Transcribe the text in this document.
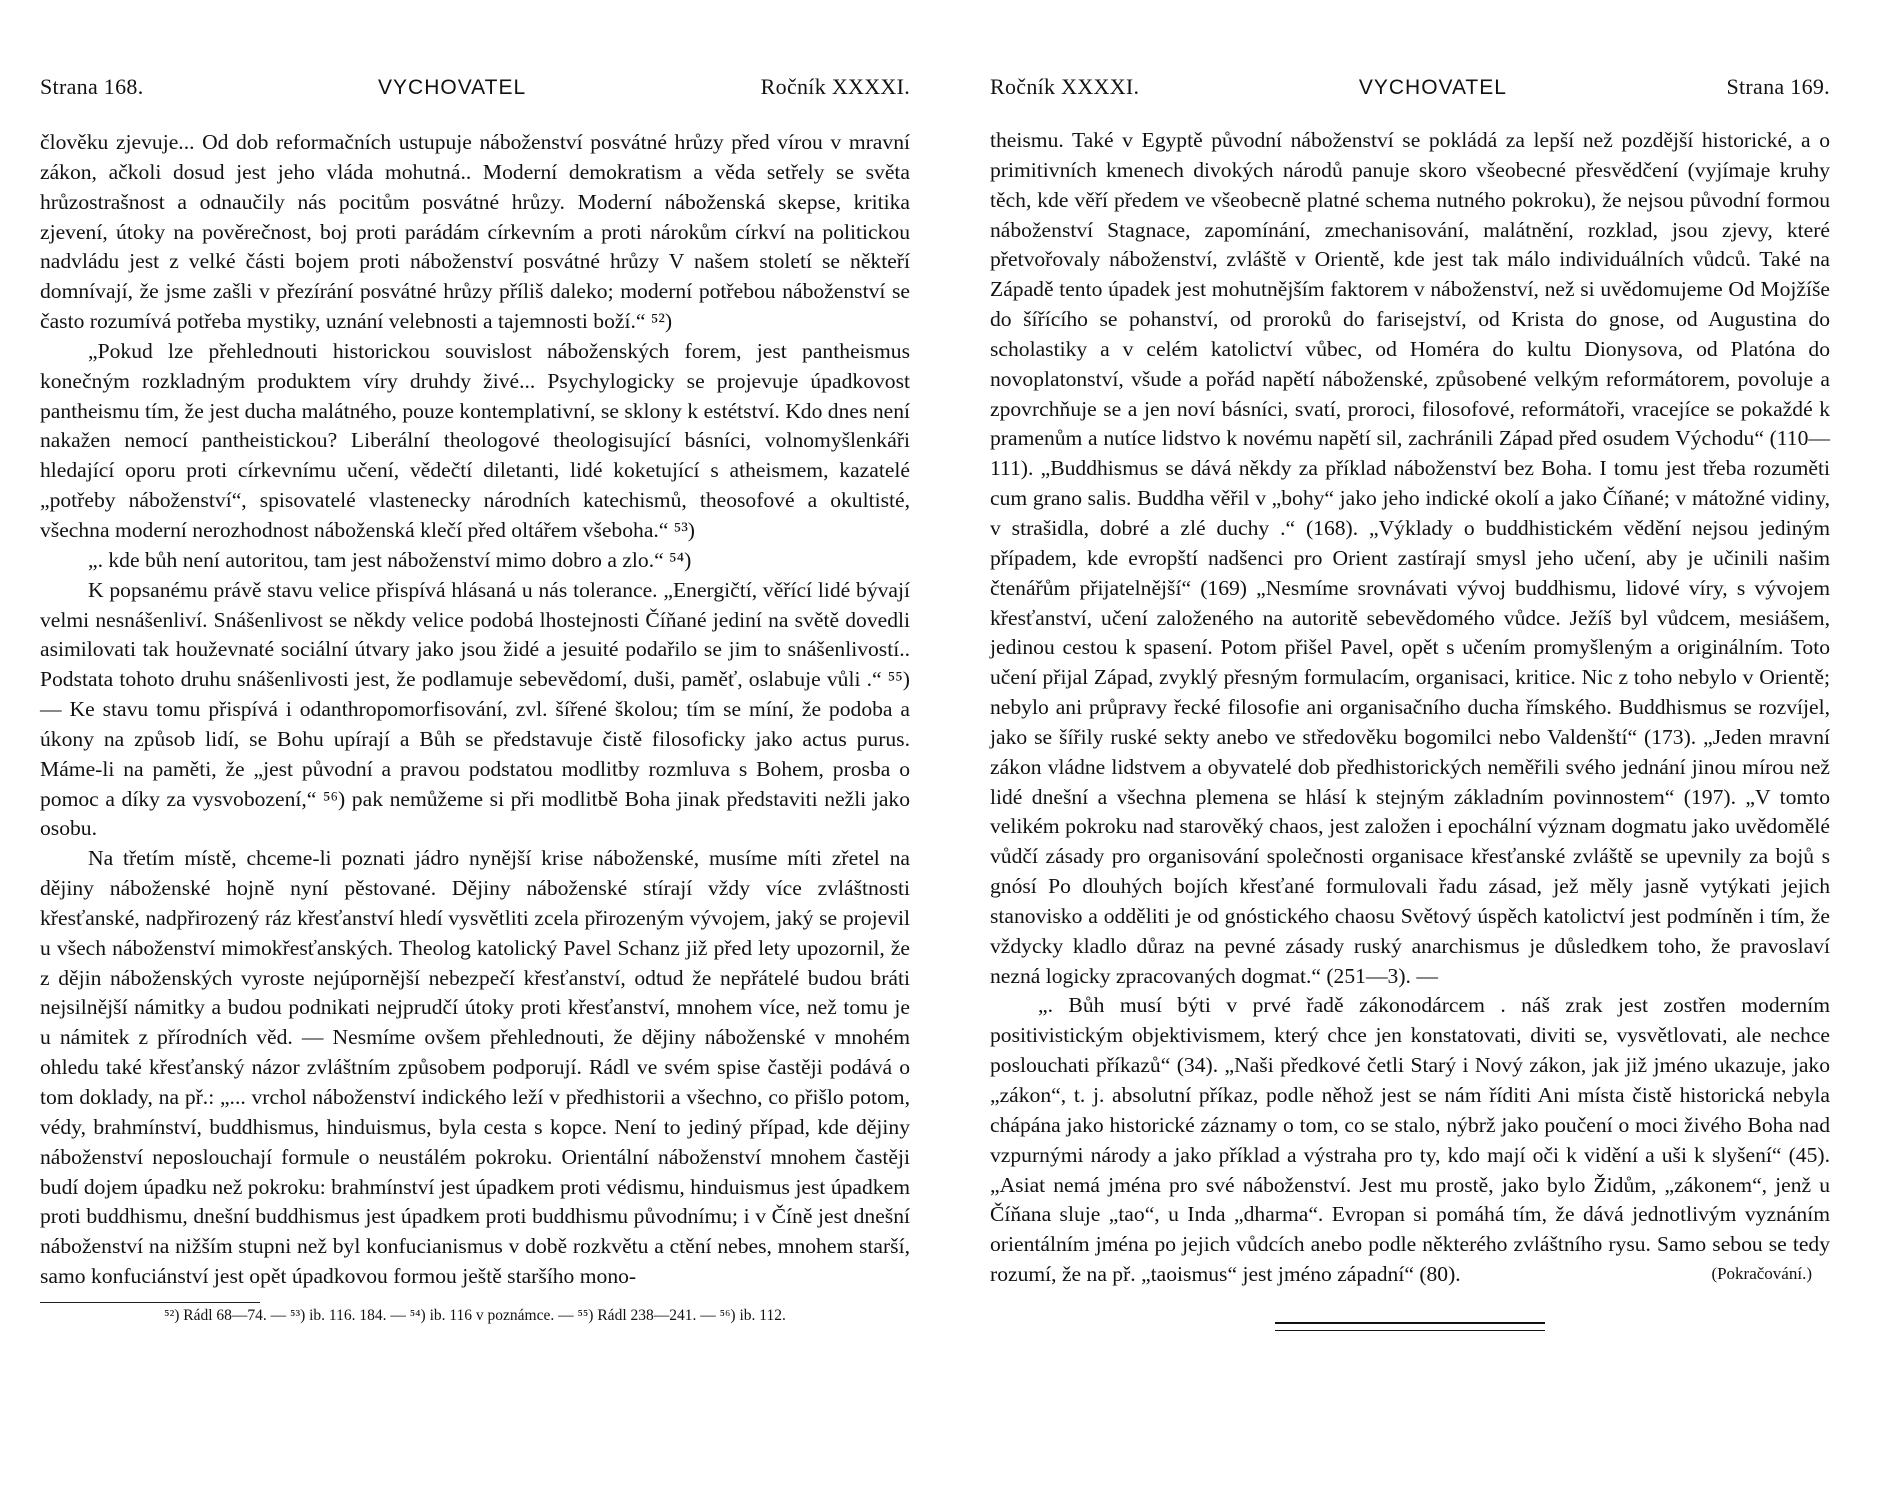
Strana 168.	VYCHOVATEL	Ročník XXXXI.

člověku zjevuje... Od dob reformačních ustupuje náboženství posvátné hrůzy před vírou v mravní zákon, ačkoli dosud jest jeho vláda mohutná.. Moderní demokratism a věda setřely se světa hrůzostrašnost a odnaučily nás pocitům posvátné hrůzy. Moderní náboženská skepse, kritika zjevení, útoky na pověrečnost, boj proti parádám církevním a proti nárokům církví na politickou nadvládu jest z velké části bojem proti náboženství posvátné hrůzy V našem století se někteří domnívají, že jsme zašli v přezírání posvátné hrůzy příliš daleko; moderní potřebou náboženství se často rozumívá potřeba mystiky, uznání velebnosti a tajemnosti boží.“ ⁵²)

„Pokud lze přehlednouti historickou souvislost náboženských forem, jest pantheismus konečným rozkladným produktem víry druhdy živé... Psychylogicky se projevuje úpadkovost pantheismu tím, že jest ducha malátného, pouze kontemplativní, se sklony k estétství. Kdo dnes není nakažen nemocí pantheistickou? Liberální theologové theologisující básníci, volnomyšlenkáři hledající oporu proti církevnímu učení, vědečtí diletanti, lidé koketující s atheismem, kazatelé „potřeby náboženství“, spisovatelé vlastenecky národních katechismů, theosofové a okultisté, všechna moderní nerozhodnost náboženská klečí před oltářem všeboha.“ ⁵³)

„. kde bůh není autoritou, tam jest náboženství mimo dobro a zlo.“ ⁵⁴)

K popsanému právě stavu velice přispívá hlásaná u nás tolerance. „Energičtí, věřící lidé bývají velmi nesnášenliví. Snášenlivost se někdy velice podobá lhostejnosti Číňané jediní na světě dovedli asimilovati tak houževnaté sociální útvary jako jsou židé a jesuité podařilo se jim to snášenlivostí.. Podstata tohoto druhu snášenlivosti jest, že podlamuje sebevědomí, duši, paměť, oslabuje vůli .“ ⁵⁵) — Ke stavu tomu přispívá i odanthropomorfisování, zvl. šířené školou; tím se míní, že podoba a úkony na způsob lidí, se Bohu upírají a Bůh se představuje čistě filosoficky jako actus purus. Máme-li na paměti, že „jest původní a pravou podstatou modlitby rozmluva s Bohem, prosba o pomoc a díky za vysvobození,“ ⁵⁶) pak nemůžeme si při modlitbě Boha jinak představiti nežli jako osobu.

Na třetím místě, chceme-li poznati jádro nynější krise náboženské, musíme míti zřetel na dějiny náboženské hojně nyní pěstované. Dějiny náboženské stírají vždy více zvláštnosti křesťanské, nadpřirozený ráz křesťanství hledí vysvětliti zcela přirozeným vývojem, jaký se projevil u všech náboženství mimokřesťanských. Theolog katolický Pavel Schanz již před lety upozornil, že z dějin náboženských vyroste nejúpornější nebezpečí křesťanství, odtud že nepřátelé budou bráti nejsilnější námitky a budou podnikati nejprudčí útoky proti křesťanství, mnohem více, než tomu je u námitek z přírodních věd. — Nesmíme ovšem přehlednouti, že dějiny náboženské v mnohém ohledu také křesťanský názor zvláštním způsobem podporují. Rádl ve svém spise častěji podává o tom doklady, na př.: „... vrchol náboženství indického leží v předhistorii a všechno, co přišlo potom, védy, brahmínství, buddhismus, hinduismus, byla cesta s kopce. Není to jediný případ, kde dějiny náboženství neposlouchají formule o neustálém pokroku. Orientální náboženství mnohem častěji budí dojem úpadku než pokroku: brahmínství jest úpadkem proti védismu, hinduismus jest úpadkem proti buddhismu, dnešní buddhismus jest úpadkem proti buddhismu původnímu; i v Číně jest dnešní náboženství na nižším stupni než byl konfucianismus v době rozkvětu a ctění nebes, mnohem starší, samo konfuciánství jest opět úpadkovou formou ještě staršího mono-

⁵²) Rádl 68—74. — ⁵³) ib. 116. 184. — ⁵⁴) ib. 116 v poznámce. — ⁵⁵) Rádl 238—241. — ⁵⁶) ib. 112.
Ročník XXXXI.	VYCHOVATEL	Strana 169.

theismu. Také v Egyptě původní náboženství se pokládá za lepší než pozdější historické, a o primitivních kmenech divokých národů panuje skoro všeobecné přesvědčení (vyjímaje kruhy těch, kde věří předem ve všeobecně platné schema nutného pokroku), že nejsou původní formou náboženství Stagnace, zapomínání, zmechanisování, malátnění, rozklad, jsou zjevy, které přetvořovaly náboženství, zvláště v Orientě, kde jest tak málo individuálních vůdců. Také na Západě tento úpadek jest mohutnějším faktorem v náboženství, než si uvědomujeme Od Mojžíše do šířícího se pohanství, od proroků do farisejství, od Krista do gnose, od Augustina do scholastiky a v celém katolictví vůbec, od Homéra do kultu Dionysova, od Platóna do novoplatonství, všude a pořád napětí náboženské, způsobené velkým reformátorem, povoluje a zpovrchňuje se a jen noví básníci, svatí, proroci, filosofové, reformátoři, vracejíce se pokaždé k pramenům a nutíce lidstvo k novému napětí sil, zachránili Západ před osudem Východu“ (110—111). „Buddhismus se dává někdy za příklad náboženství bez Boha. I tomu jest třeba rozuměti cum grano salis. Buddha věřil v „bohy“ jako jeho indické okolí a jako Číňané; v mátožné vidiny, v strašidla, dobré a zlé duchy .“ (168). „Výklady o buddhistickém vědění nejsou jediným případem, kde evropští nadšenci pro Orient zastírají smysl jeho učení, aby je učinili našim čtenářům přijatelnější“ (169) „Nesmíme srovnávati vývoj buddhismu, lidové víry, s vývojem křesťanství, učení založeného na autoritě sebevědomého vůdce. Ježíš byl vůdcem, mesiášem, jedinou cestou k spasení. Potom přišel Pavel, opět s učením promyšleným a originálním. Toto učení přijal Západ, zvyklý přesným formulacím, organisaci, kritice. Nic z toho nebylo v Orientě; nebylo ani průpravy řecké filosofie ani organisačního ducha římského. Buddhismus se rozvíjel, jako se šířily ruské sekty anebo ve středověku bogomilci nebo Valdenští“ (173). „Jeden mravní zákon vládne lidstvem a obyvatelé dob předhistorických neměřili svého jednání jinou mírou než lidé dnešní a všechna plemena se hlásí k stejným základním povinnostem“ (197). „V tomto velikém pokroku nad starověký chaos, jest založen i epochální význam dogmatu jako uvědomělé vůdčí zásady pro organisování společnosti organisace křesťanské zvláště se upevnily za bojů s gnósí Po dlouhých bojích křesťané formulovali řadu zásad, jež měly jasně vytýkati jejich stanovisko a odděliti je od gnóstického chaosu Světový úspěch katolictví jest podmíněn i tím, že vždycky kladlo důraz na pevné zásady ruský anarchismus je důsledkem toho, že pravoslaví nezná logicky zpracovaných dogmat.“ (251—3). —

„. Bůh musí býti v prvé řadě zákonodárcem . náš zrak jest zostřen moderním positivistickým objektivismem, který chce jen konstatovati, diviti se, vysvětlovati, ale nechce poslouchati příkazů“ (34). „Naši předkové četli Starý i Nový zákon, jak již jméno ukazuje, jako „zákon“, t. j. absolutní příkaz, podle něhož jest se nám říditi Ani místa čistě historická nebyla chápána jako historické záznamy o tom, co se stalo, nýbrž jako poučení o moci živého Boha nad vzpurnými národy a jako příklad a výstraha pro ty, kdo mají oči k vidění a uši k slyšení“ (45). „Asiat nemá jména pro své náboženství. Jest mu prostě, jako bylo Židům, „zákonem“, jenž u Číňana sluje „tao“, u Inda „dharma“. Evropan si pomáhá tím, že dává jednotlivým vyznáním orientálním jména po jejich vůdcích anebo podle některého zvláštního rysu. Samo sebou se tedy rozumí, že na př. „taoismus“ jest jméno západní“ (80).	(Pokračování.)
